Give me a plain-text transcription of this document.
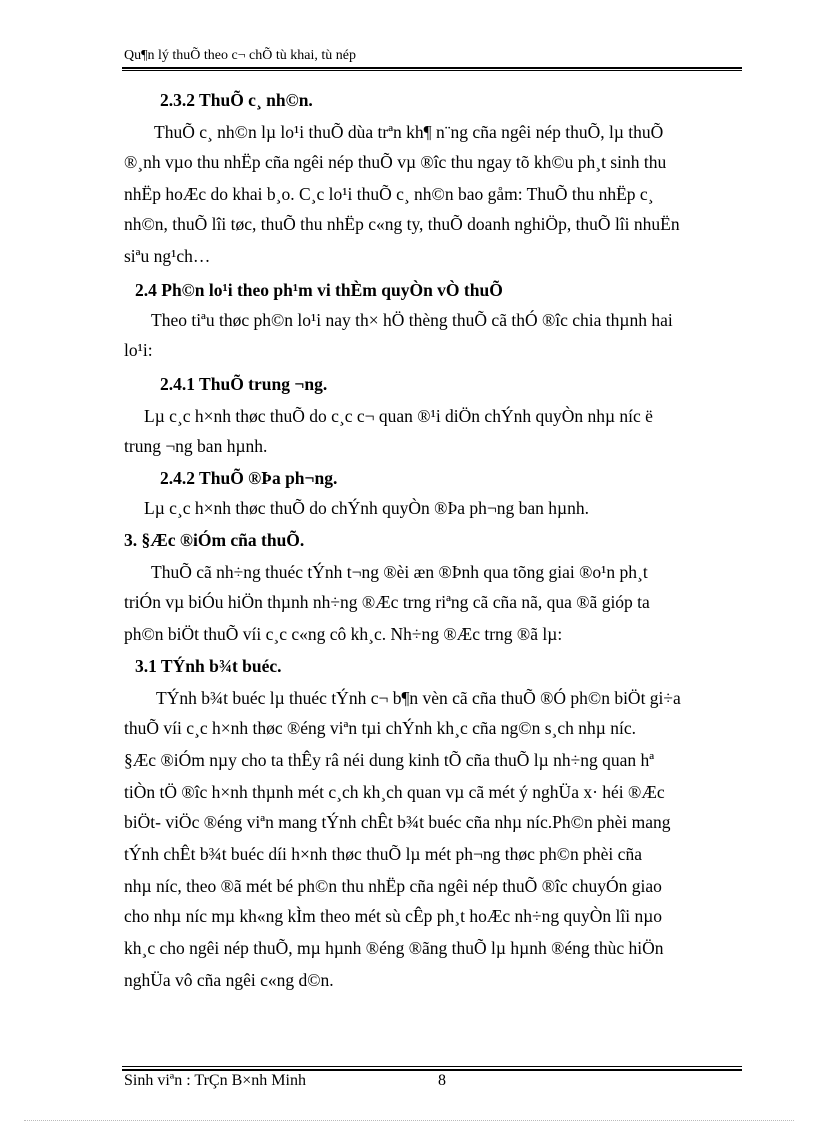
Qu¶n lý thuÕ theo c¬ chÕ tù khai, tù nép
2.3.2 ThuÕ c¸ nh©n.
ThuÕ c¸ nh©n lµ lo¹i thuÕ dùa trªn kh¶ n¨ng cña ngêi nép thuÕ, lµ thuÕ
®¸nh vµo thu nhËp cña ngêi nép thuÕ vµ ®îc thu ngay tõ kh©u ph¸t sinh thu
nhËp hoÆc do khai b¸o. C¸c lo¹i thuÕ c¸ nh©n bao gåm: ThuÕ thu nhËp c¸
nh©n, thuÕ lîi tøc, thuÕ thu nhËp c«ng ty, thuÕ doanh nghiÖp, thuÕ lîi nhuËn
siªu ng¹ch…
2.4 Ph©n lo¹i theo ph¹m vi thÈm quyÒn vÒ thuÕ
Theo tiªu thøc ph©n lo¹i nay th× hÖ thèng thuÕ cã thÓ ®îc chia thµnh hai
lo¹i:
2.4.1 ThuÕ trung ¬ng.
Lµ c¸c h×nh thøc thuÕ do c¸c c¬ quan ®¹i diÖn chÝnh quyÒn nhµ níc ë
trung ¬ng ban hµnh.
2.4.2 ThuÕ ®Þa ph¬ng.
Lµ c¸c h×nh thøc thuÕ do chÝnh quyÒn ®Þa ph¬ng ban hµnh.
3. §Æc ®iÓm cña thuÕ.
ThuÕ cã nh÷ng thuéc tÝnh t¬ng ®èi æn ®Þnh qua tõng giai ®o¹n ph¸t
triÓn vµ biÓu hiÖn thµnh nh÷ng ®Æc trng riªng cã cña nã, qua ®ã gióp ta
ph©n biÖt thuÕ víi c¸c c«ng cô kh¸c. Nh÷ng ®Æc trng ®ã lµ:
3.1 TÝnh b¾t buéc.
TÝnh b¾t buéc lµ thuéc tÝnh c¬ b¶n vèn cã cña thuÕ ®Ó ph©n biÖt gi÷a
thuÕ víi c¸c h×nh thøc ®éng viªn tµi chÝnh kh¸c cña ng©n s¸ch nhµ níc.
§Æc ®iÓm nµy cho ta thÊy râ néi dung kinh tÕ cña thuÕ lµ nh÷ng quan hª
tiÒn tÖ ®îc h×nh thµnh mét c¸ch kh¸ch quan vµ cã mét ý nghÜa x· héi ®Æc
biÖt- viÖc ®éng viªn mang tÝnh chÊt b¾t buéc cña nhµ níc.Ph©n phèi mang
tÝnh chÊt b¾t buéc díi h×nh thøc thuÕ lµ mét ph¬ng thøc ph©n phèi cña
nhµ níc, theo ®ã mét bé ph©n thu nhËp cña ngêi nép thuÕ ®îc chuyÓn giao
cho nhµ níc mµ kh«ng kÌm theo mét sù cÊp ph¸t hoÆc nh÷ng quyÒn lîi nµo
kh¸c cho ngêi nép thuÕ, mµ hµnh ®éng ®ãng thuÕ lµ hµnh ®éng thùc hiÖn
nghÜa vô cña ngêi c«ng d©n.
Sinh viªn : TrÇn B×nh Minh	8
